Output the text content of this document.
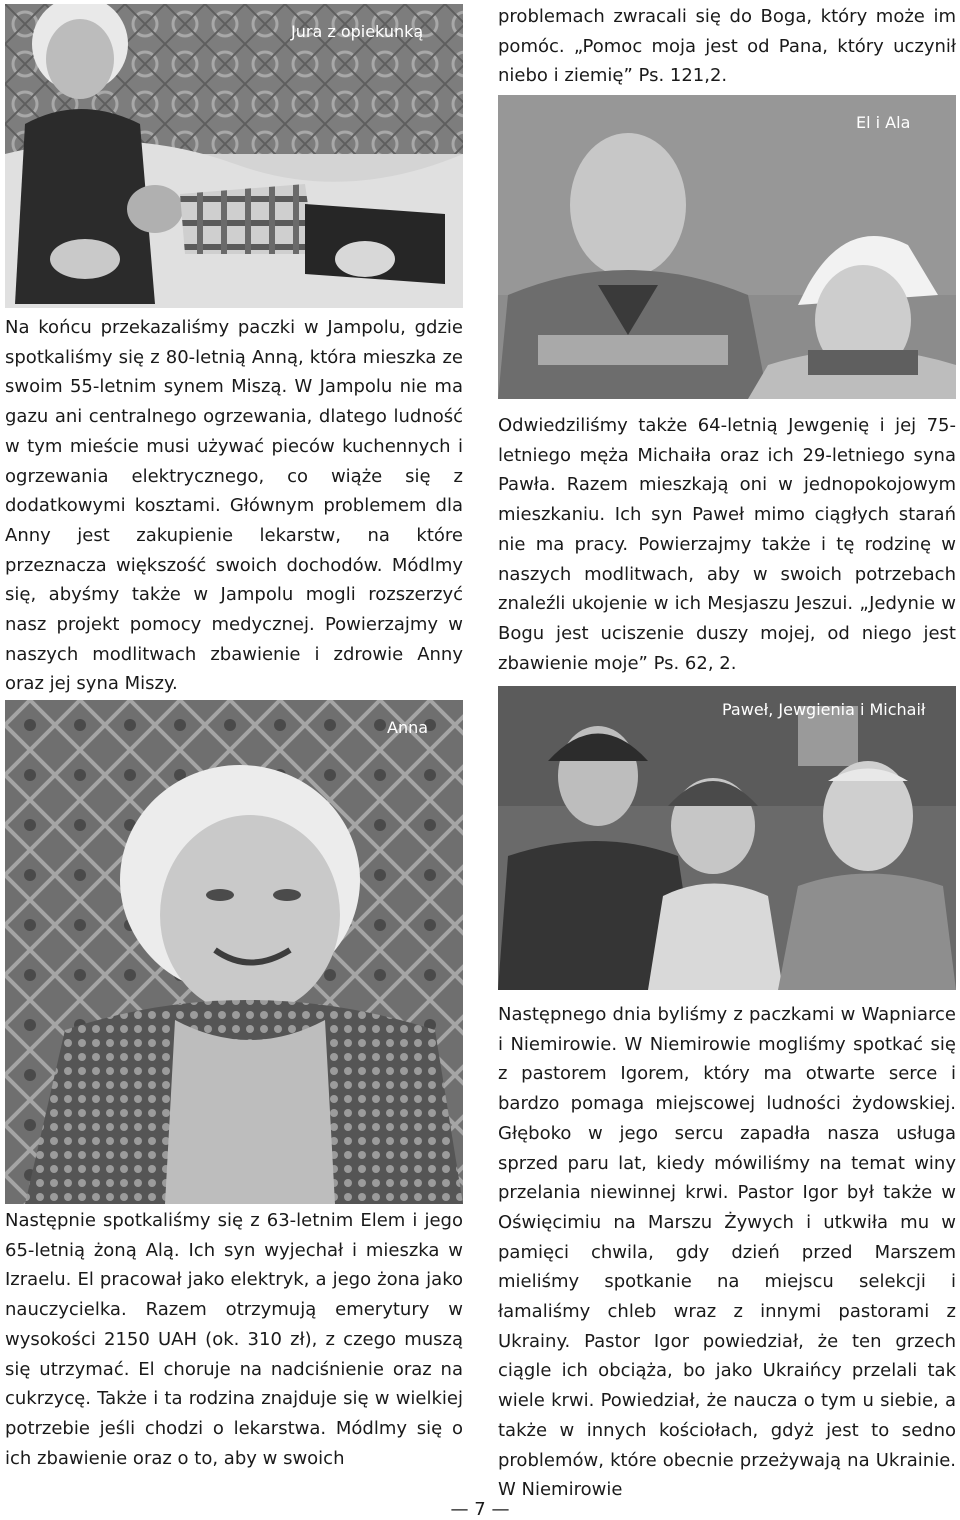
Jura z opiekunką
El i Ala
Anna
Paweł, Jewgienia i Michaił

problemach zwracali się do Boga, który może im pomóc. „Pomoc moja jest od Pana, który uczynił niebo i ziemię” Ps. 121,2.

Na końcu przekazaliśmy paczki w Jampolu, gdzie spotkaliśmy się z 80-letnią Anną, która mieszka ze swoim 55-letnim synem Miszą. W Jampolu nie ma gazu ani centralnego ogrzewania, dlatego ludność w tym mieście musi używać pieców kuchennych i ogrzewania elektrycznego, co wiąże się z dodatkowymi kosztami. Głównym problemem dla Anny jest zakupienie lekarstw, na które przeznacza większość swoich dochodów. Módlmy się, abyśmy także w Jampolu mogli rozszerzyć nasz projekt pomocy medycznej. Powierzajmy w naszych modlitwach zbawienie i zdrowie Anny oraz jej syna Miszy.

Odwiedziliśmy także 64-letnią Jewgenię i jej 75-letniego męża Michaiła oraz ich 29-letniego syna Pawła. Razem mieszkają oni w jednopokojowym mieszkaniu. Ich syn Paweł mimo ciągłych starań nie ma pracy. Powierzajmy także i tę rodzinę w naszych modlitwach, aby w swoich potrzebach znaleźli ukojenie w ich Mesjaszu Jeszui. „Jedynie w Bogu jest uciszenie duszy mojej, od niego jest zbawienie moje” Ps. 62, 2.

Następnie spotkaliśmy się z 63-letnim Elem i jego 65-letnią żoną Alą. Ich syn wyjechał i mieszka w Izraelu. El pracował jako elektryk, a jego żona jako nauczycielka. Razem otrzymują emerytury w wysokości 2150 UAH (ok. 310 zł), z czego muszą się utrzymać. El choruje na nadciśnienie oraz na cukrzycę. Także i ta rodzina znajduje się w wielkiej potrzebie jeśli chodzi o lekarstwa. Módlmy się o ich zbawienie oraz o to, aby w swoich

Następnego dnia byliśmy z paczkami w Wapniarce i Niemirowie. W Niemirowie mogliśmy spotkać się z pastorem Igorem, który ma otwarte serce i bardzo pomaga miejscowej ludności żydowskiej. Głęboko w jego sercu zapadła nasza usługa sprzed paru lat, kiedy mówiliśmy na temat winy przelania niewinnej krwi. Pastor Igor był także w Oświęcimiu na Marszu Żywych i utkwiła mu w pamięci chwila, gdy dzień przed Marszem mieliśmy spotkanie na miejscu selekcji i łamaliśmy chleb wraz z innymi pastorami z Ukrainy. Pastor Igor powiedział, że ten grzech ciągle ich obciąża, bo jako Ukraińcy przelali tak wiele krwi. Powiedział, że naucza o tym u siebie, a także w innych kościołach, gdyż jest to sedno problemów, które obecnie przeżywają na Ukrainie. W Niemirowie

— 7 —
